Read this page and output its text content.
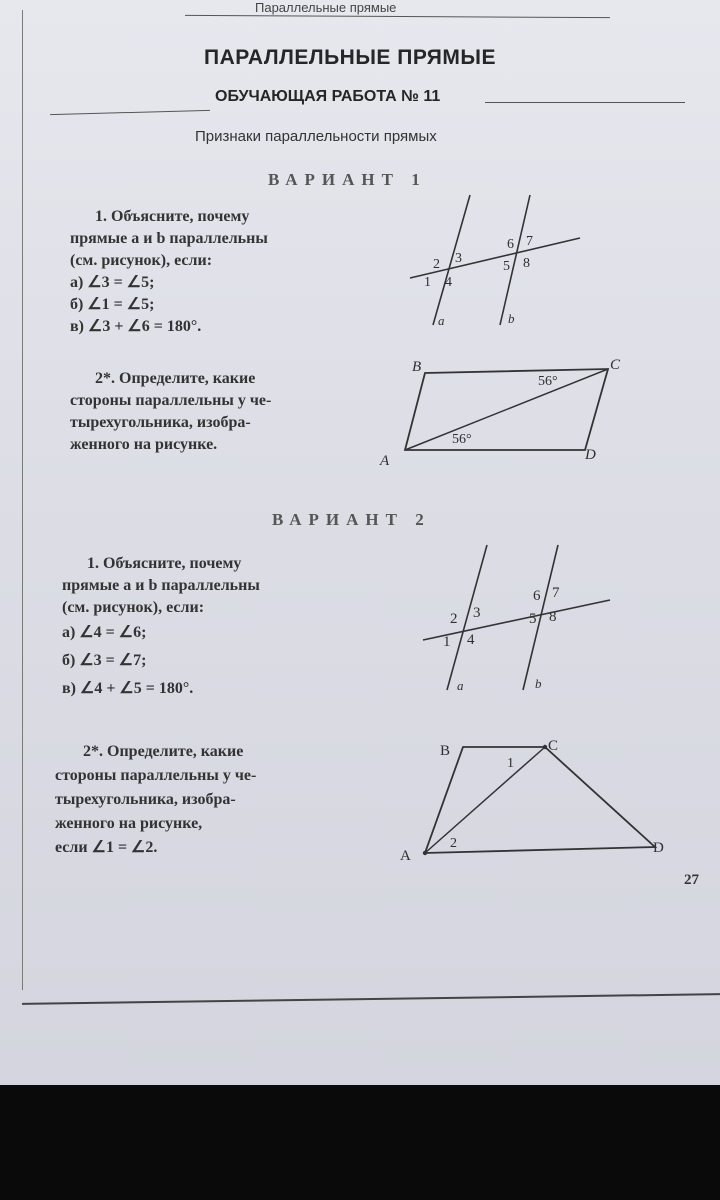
Параллельные прямые
ПАРАЛЛЕЛЬНЫЕ ПРЯМЫЕ
ОБУЧАЮЩАЯ РАБОТА № 11
Признаки параллельности прямых
ВАРИАНТ 1
1. Объясните, почему
прямые a и b параллельны
(см. рисунок), если:
а) ∠3 = ∠5;
б) ∠1 = ∠5;
в) ∠3 + ∠6 = 180°.
2 3
1 4
6 7
5 8
a	b
2*. Определите, какие
стороны параллельны у че-
тырехугольника, изобра-
женного на рисунке.
B	C
A	D
56°
56°
ВАРИАНТ 2
1. Объясните, почему
прямые a и b параллельны
(см. рисунок), если:
а) ∠4 = ∠6;
б) ∠3 = ∠7;
в) ∠4 + ∠5 = 180°.
2 3
1 4
6 7
5 8
a	b
2*. Определите, какие
стороны параллельны у че-
тырехугольника, изобра-
женного на рисунке,
если ∠1 = ∠2.
B	C
A	D
1
2
27
